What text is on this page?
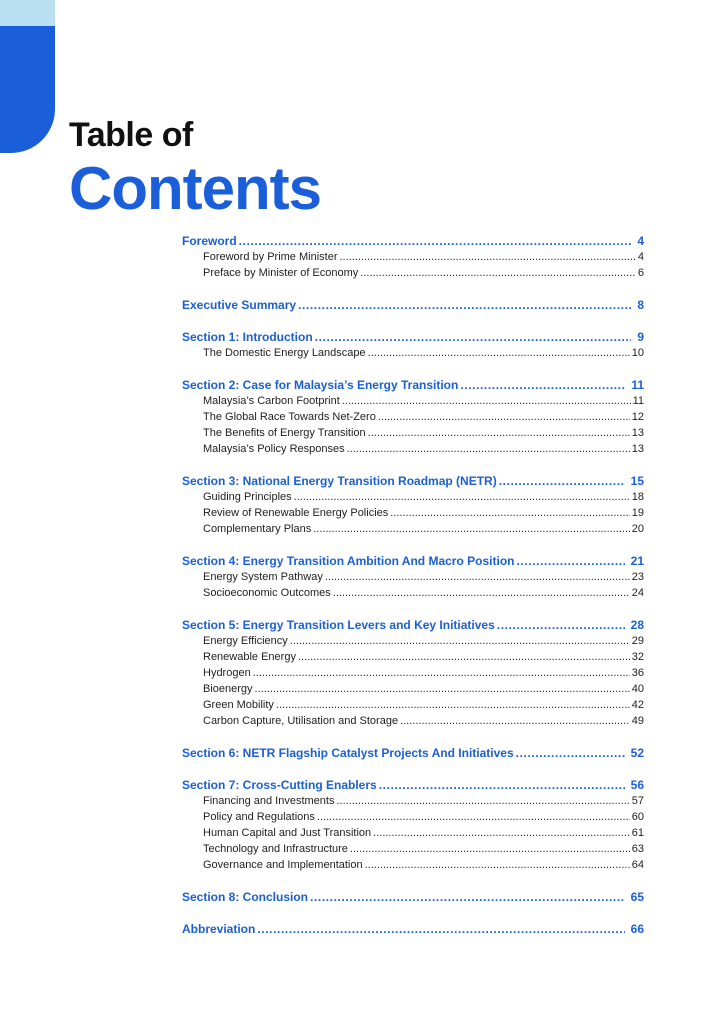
Table of
Contents
Foreword .....	4
Foreword by Prime Minister .....	4
Preface by Minister of Economy .....	6
Executive Summary .....	8
Section 1: Introduction .....	9
The Domestic Energy Landscape .....	10
Section 2: Case for Malaysia’s Energy Transition .....	11
Malaysia’s Carbon Footprint .....	11
The Global Race Towards Net-Zero .....	12
The Benefits of Energy Transition .....	13
Malaysia’s Policy Responses .....	13
Section 3: National Energy Transition Roadmap (NETR) .....	15
Guiding Principles .....	18
Review of Renewable Energy Policies .....	19
Complementary Plans .....	20
Section 4: Energy Transition Ambition And Macro Position .....	21
Energy System Pathway .....	23
Socioeconomic Outcomes .....	24
Section 5: Energy Transition Levers and Key Initiatives .....	28
Energy Efficiency .....	29
Renewable Energy .....	32
Hydrogen .....	36
Bioenergy .....	40
Green Mobility .....	42
Carbon Capture, Utilisation and Storage .....	49
Section 6: NETR Flagship Catalyst Projects And Initiatives .....	52
Section 7: Cross-Cutting Enablers .....	56
Financing and Investments .....	57
Policy and Regulations .....	60
Human Capital and Just Transition .....	61
Technology and Infrastructure .....	63
Governance and Implementation .....	64
Section 8: Conclusion .....	65
Abbreviation .....	66
